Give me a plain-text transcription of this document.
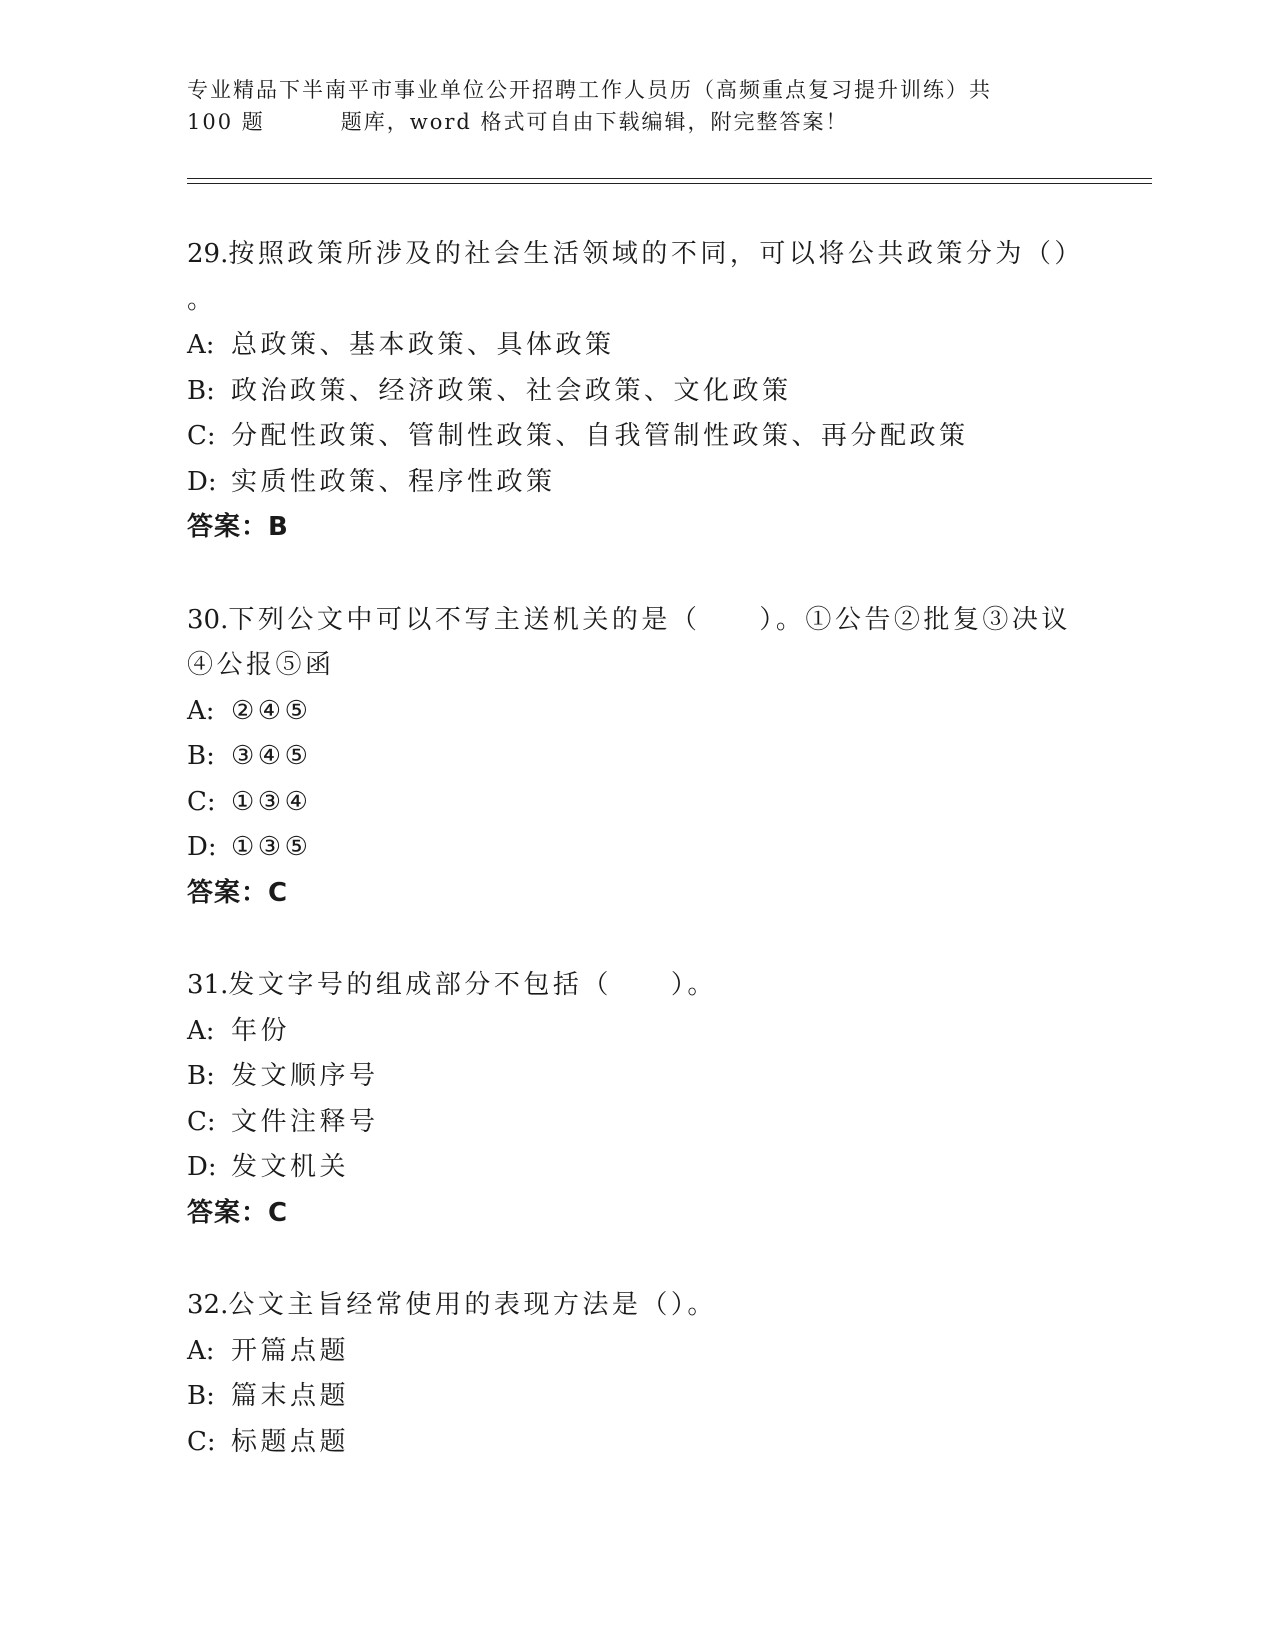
专业精品下半南平市事业单位公开招聘工作人员历（高频重点复习提升训练）共
100 题	题库，word 格式可自由下载编辑，附完整答案！
29.按照政策所涉及的社会生活领域的不同，可以将公共政策分为（）
。
A: 总政策、基本政策、具体政策
B: 政治政策、经济政策、社会政策、文化政策
C: 分配性政策、管制性政策、自我管制性政策、再分配政策
D: 实质性政策、程序性政策
答案：B
30.下列公文中可以不写主送机关的是（　　）。①公告②批复③决议
④公报⑤函
A: ②④⑤
B: ③④⑤
C: ①③④
D: ①③⑤
答案：C
31.发文字号的组成部分不包括（　　）。
A: 年份
B: 发文顺序号
C: 文件注释号
D: 发文机关
答案：C
32.公文主旨经常使用的表现方法是（）。
A: 开篇点题
B: 篇末点题
C: 标题点题
